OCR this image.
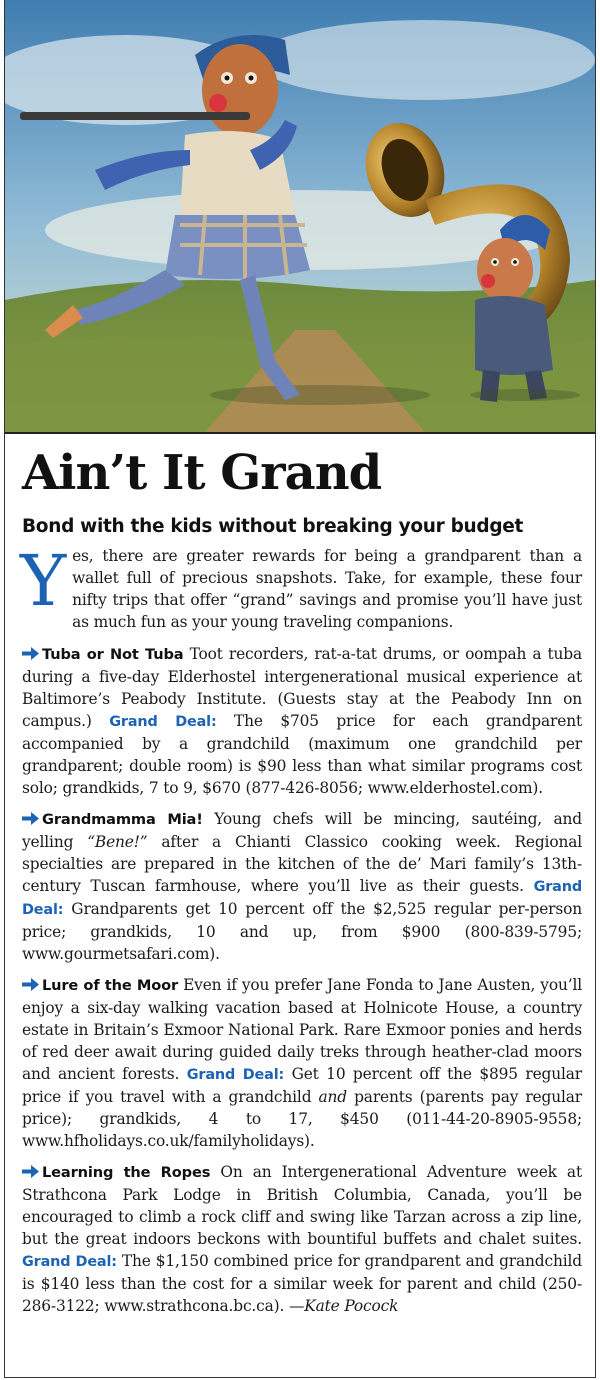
Ain’t It Grand
Bond with the kids without breaking your budget

Yes, there are greater rewards for being a grandparent than a wallet full of precious snapshots. Take, for example, these four nifty trips that offer “grand” savings and promise you’ll have just as much fun as your young traveling companions.

Tuba or Not Tuba Toot recorders, rat-a-tat drums, or oompah a tuba during a five-day Elderhostel intergenerational musical experience at Baltimore’s Peabody Institute. (Guests stay at the Peabody Inn on campus.) Grand Deal: The $705 price for each grandparent accompanied by a grandchild (maximum one grandchild per grandparent; double room) is $90 less than what similar programs cost solo; grandkids, 7 to 9, $670 (877-426-8056; www.elderhostel.com).

Grandmamma Mia! Young chefs will be mincing, sautéing, and yelling “Bene!” after a Chianti Classico cooking week. Regional specialties are prepared in the kitchen of the de’ Mari family’s 13th-century Tuscan farmhouse, where you’ll live as their guests. Grand Deal: Grandparents get 10 percent off the $2,525 regular per-person price; grandkids, 10 and up, from $900 (800-839-5795; www.gourmetsafari.com).

Lure of the Moor Even if you prefer Jane Fonda to Jane Austen, you’ll enjoy a six-day walking vacation based at Holnicote House, a country estate in Britain’s Exmoor National Park. Rare Exmoor ponies and herds of red deer await during guided daily treks through heather-clad moors and ancient forests. Grand Deal: Get 10 percent off the $895 regular price if you travel with a grandchild and parents (parents pay regular price); grandkids, 4 to 17, $450 (011-44-20-8905-9558; www.hfholidays.co.uk/familyholidays).

Learning the Ropes On an Intergenerational Adventure week at Strathcona Park Lodge in British Columbia, Canada, you’ll be encouraged to climb a rock cliff and swing like Tarzan across a zip line, but the great indoors beckons with bountiful buffets and chalet suites. Grand Deal: The $1,150 combined price for grandparent and grandchild is $140 less than the cost for a similar week for parent and child (250-286-3122; www.strathcona.bc.ca). —Kate Pocock
